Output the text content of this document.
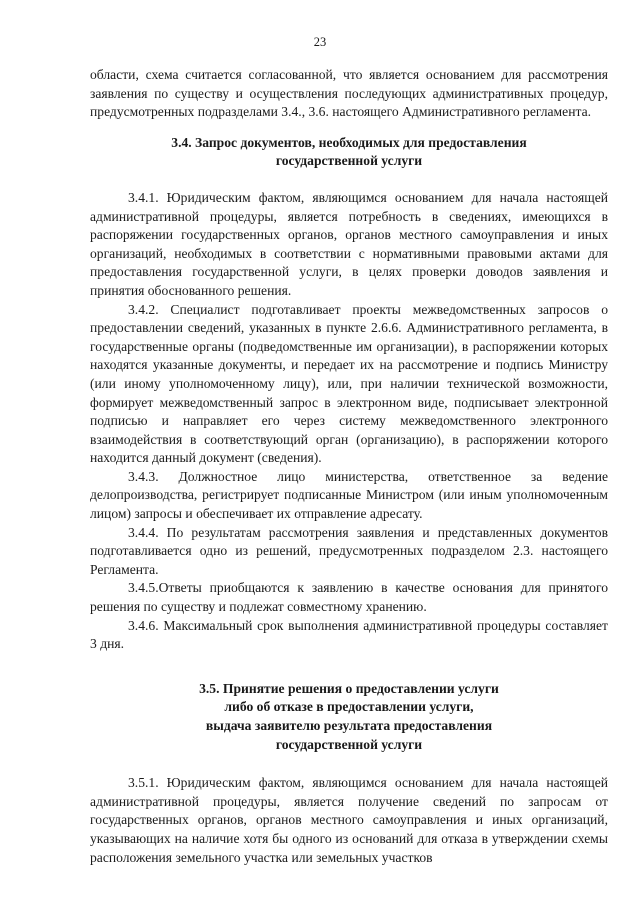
23

области, схема считается согласованной, что является основанием для рассмотрения заявления по существу и осуществления последующих административных процедур, предусмотренных подразделами 3.4., 3.6. настоящего Административного регламента.

3.4. Запрос документов, необходимых для предоставления
государственной услуги

3.4.1. Юридическим фактом, являющимся основанием для начала настоящей административной процедуры, является потребность в сведениях, имеющихся в распоряжении государственных органов, органов местного самоуправления и иных организаций, необходимых в соответствии с нормативными правовыми актами для предоставления государственной услуги, в целях проверки доводов заявления и принятия обоснованного решения.

3.4.2. Специалист подготавливает проекты межведомственных запросов о предоставлении сведений, указанных в пункте 2.6.6. Административного регламента, в государственные органы (подведомственные им организации), в распоряжении которых находятся указанные документы, и передает их на рассмотрение и подпись Министру (или иному уполномоченному лицу), или, при наличии технической возможности, формирует межведомственный запрос в электронном виде, подписывает электронной подписью и направляет его через систему межведомственного электронного взаимодействия в соответствующий орган (организацию), в распоряжении которого находится данный документ (сведения).

3.4.3. Должностное лицо министерства, ответственное за ведение делопроизводства, регистрирует подписанные Министром (или иным уполномоченным лицом) запросы и обеспечивает их отправление адресату.

3.4.4. По результатам рассмотрения заявления и представленных документов подготавливается одно из решений, предусмотренных подразделом 2.3. настоящего Регламента.

3.4.5.Ответы приобщаются к заявлению в качестве основания для принятого решения по существу и подлежат совместному хранению.

3.4.6. Максимальный срок выполнения административной процедуры составляет 3 дня.

3.5. Принятие решения о предоставлении услуги
либо об отказе в предоставлении услуги,
выдача заявителю результата предоставления
государственной услуги

3.5.1. Юридическим фактом, являющимся основанием для начала настоящей административной процедуры, является получение сведений по запросам от государственных органов, органов местного самоуправления и иных организаций, указывающих на наличие хотя бы одного из оснований для отказа в утверждении схемы расположения земельного участка или земельных участков
